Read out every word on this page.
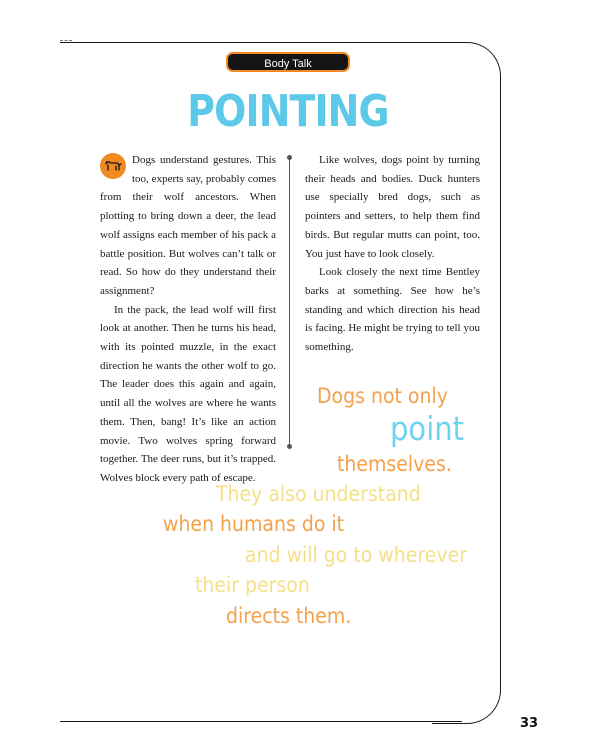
Body Talk
POINTING

Dogs understand gestures. This too, experts say, probably comes from their wolf ancestors. When plotting to bring down a deer, the lead wolf assigns each member of his pack a battle position. But wolves can’t talk or read. So how do they understand their assignment?

In the pack, the lead wolf will first look at another. Then he turns his head, with its pointed muzzle, in the exact direction he wants the other wolf to go. The leader does this again and again, until all the wolves are where he wants them. Then, bang! It’s like an action movie. Two wolves spring forward together. The deer runs, but it’s trapped. Wolves block every path of escape.

Like wolves, dogs point by turning their heads and bodies. Duck hunters use specially bred dogs, such as pointers and setters, to help them find birds. But regular mutts can point, too. You just have to look closely.

Look closely the next time Bentley barks at something. See how he’s standing and which direction his head is facing. He might be trying to tell you something.

Dogs not only
point
themselves.
They also understand
when humans do it
and will go to wherever
their person
directs them.
33
